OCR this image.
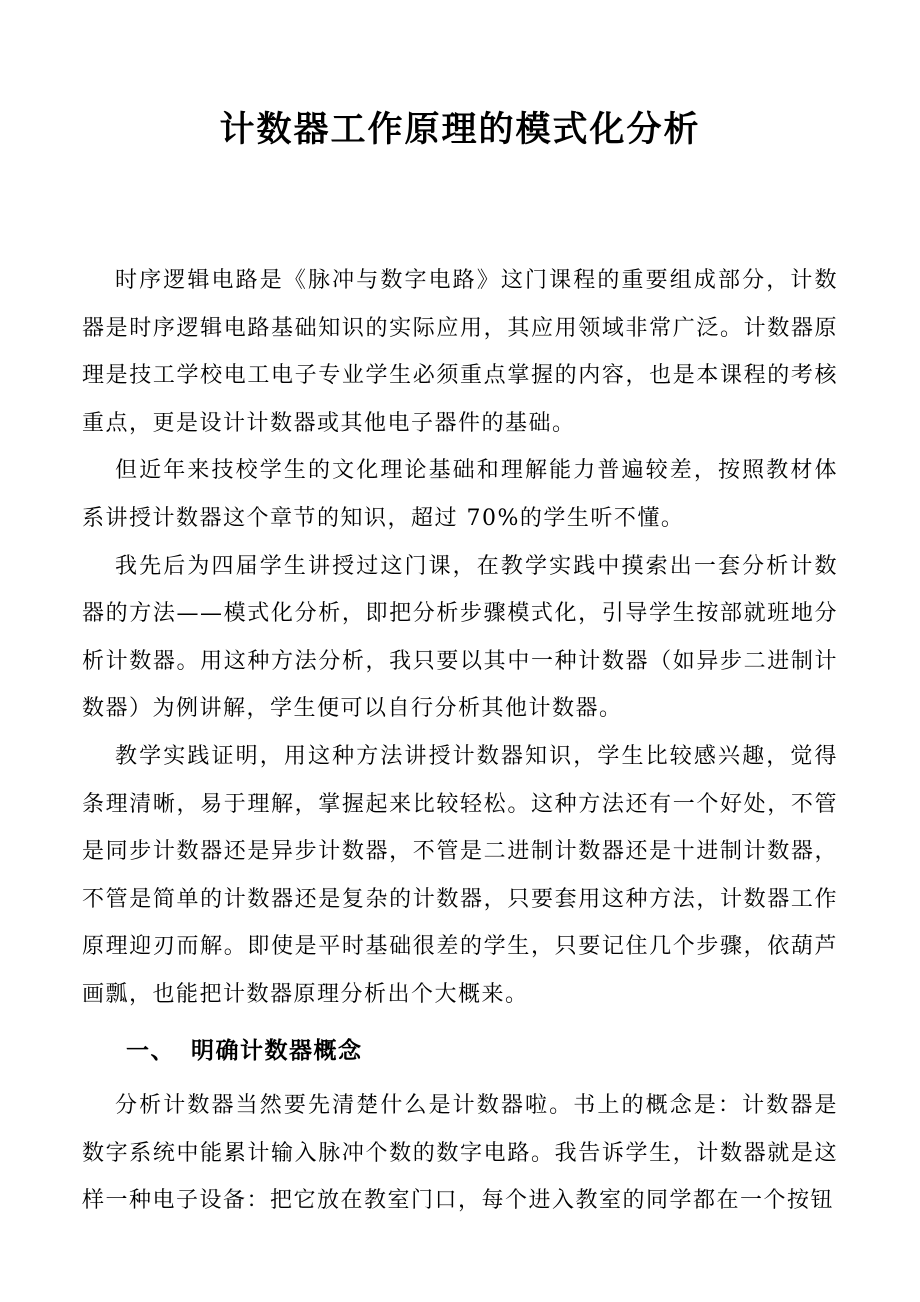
计数器工作原理的模式化分析

时序逻辑电路是《脉冲与数字电路》这门课程的重要组成部分，计数器是时序逻辑电路基础知识的实际应用，其应用领域非常广泛。计数器原理是技工学校电工电子专业学生必须重点掌握的内容，也是本课程的考核重点，更是设计计数器或其他电子器件的基础。

但近年来技校学生的文化理论基础和理解能力普遍较差，按照教材体系讲授计数器这个章节的知识，超过 70%的学生听不懂。

我先后为四届学生讲授过这门课，在教学实践中摸索出一套分析计数器的方法——模式化分析，即把分析步骤模式化，引导学生按部就班地分析计数器。用这种方法分析，我只要以其中一种计数器（如异步二进制计数器）为例讲解，学生便可以自行分析其他计数器。

教学实践证明，用这种方法讲授计数器知识，学生比较感兴趣，觉得条理清晰，易于理解，掌握起来比较轻松。这种方法还有一个好处，不管是同步计数器还是异步计数器，不管是二进制计数器还是十进制计数器，不管是简单的计数器还是复杂的计数器，只要套用这种方法，计数器工作原理迎刃而解。即使是平时基础很差的学生，只要记住几个步骤，依葫芦画瓢，也能把计数器原理分析出个大概来。

一、 明确计数器概念

分析计数器当然要先清楚什么是计数器啦。书上的概念是：计数器是数字系统中能累计输入脉冲个数的数字电路。我告诉学生，计数器就是这样一种电子设备：把它放在教室门口，每个进入教室的同学都在一个按钮
